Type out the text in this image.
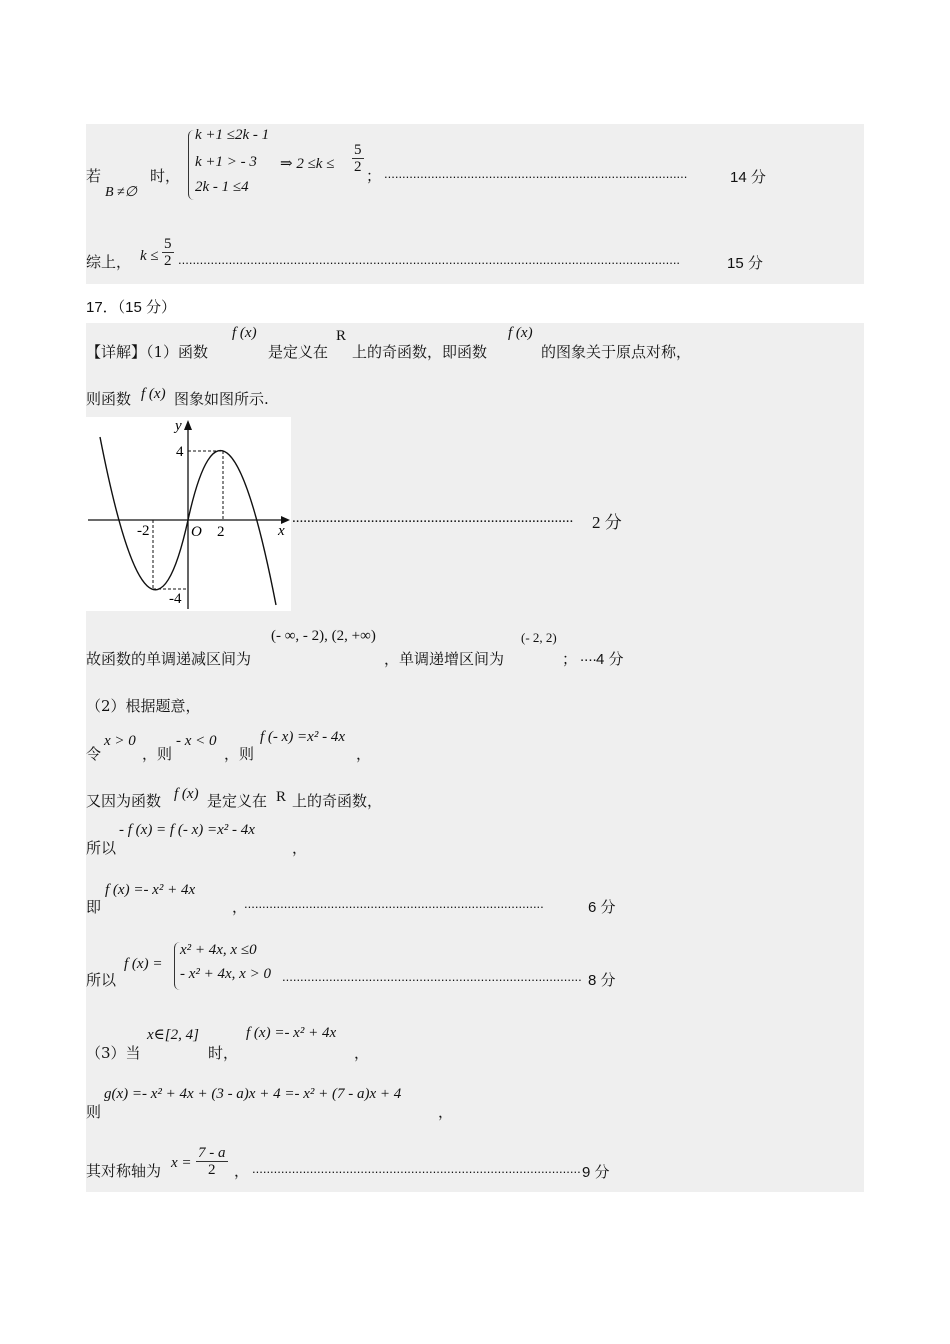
若
B ≠∅
时，
k +1 ≤2k - 1
k +1 > - 3
2k - 1 ≤4
⇒ $2 \le k \le \frac{5}{2}$
； ....................................................................................	14 分
综上， $k \le \frac{5}{2}$ ...........................................................................................................................................	15 分
17．（15 分）
【详解】（1）函数
f (x)
是定义在
R
上的奇函数，即函数
f (x)
的图象关于原点对称，
则函数 f (x) 图象如图所示.
y
x
O
4
-4
2
-2
........................................................................... 2 分
故函数的单调递减区间为
(- ∞, - 2), (2, +∞)
，单调递增区间为
(- 2, 2)
； .... 4 分
（2）根据题意，
令
x > 0
，则
- x < 0
，则
f (- x) =x² - 4x
，
又因为函数 f (x) 是定义在 R 上的奇函数，
所以
- f (x) = f (- x) =x² - 4x
，
即
f (x) =- x² + 4x
，
...................................................................................	6 分
所以
f (x) =
x² + 4x, x ≤0
- x² + 4x, x > 0 ................................................................................... 8 分
（3）当
x∈[2, 4]
时，
f (x) =- x² + 4x
，
则
g(x) =- x² + 4x + (3 - a)x + 4 =- x² + (7 - a)x + 4
，
其对称轴为 $x = \frac{7 - a}{2}$ ， ........................................................................................... 9 分
